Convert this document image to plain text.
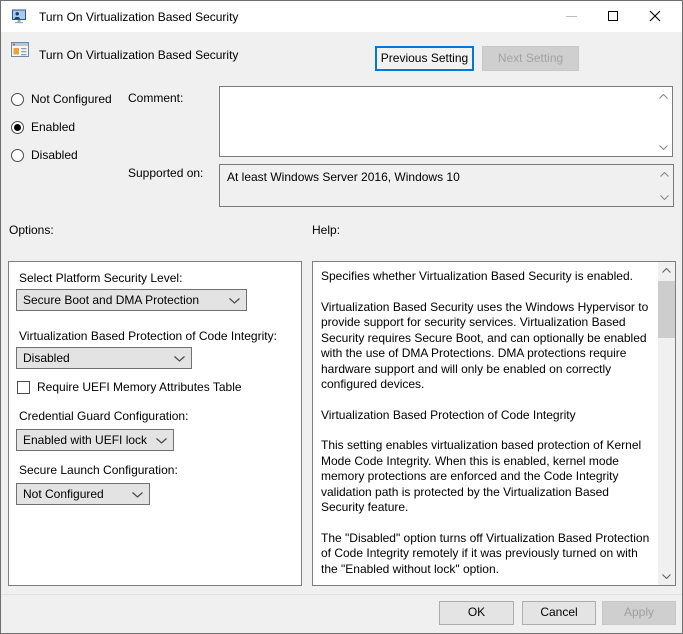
Turn On Virtualization Based Security
Turn On Virtualization Based Security	Previous Setting	Next Setting
Not Configured
Enabled
Disabled
Comment:
Supported on:	At least Windows Server 2016, Windows 10
Options:	Help:
Select Platform Security Level:
Secure Boot and DMA Protection
Virtualization Based Protection of Code Integrity:
Disabled
Require UEFI Memory Attributes Table
Credential Guard Configuration:
Enabled with UEFI lock
Secure Launch Configuration:
Not Configured

Specifies whether Virtualization Based Security is enabled.

Virtualization Based Security uses the Windows Hypervisor to provide support for security services. Virtualization Based Security requires Secure Boot, and can optionally be enabled with the use of DMA Protections. DMA protections require hardware support and will only be enabled on correctly configured devices.

Virtualization Based Protection of Code Integrity

This setting enables virtualization based protection of Kernel Mode Code Integrity. When this is enabled, kernel mode memory protections are enforced and the Code Integrity validation path is protected by the Virtualization Based Security feature.

The "Disabled" option turns off Virtualization Based Protection of Code Integrity remotely if it was previously turned on with the "Enabled without lock" option.

OK	Cancel	Apply
